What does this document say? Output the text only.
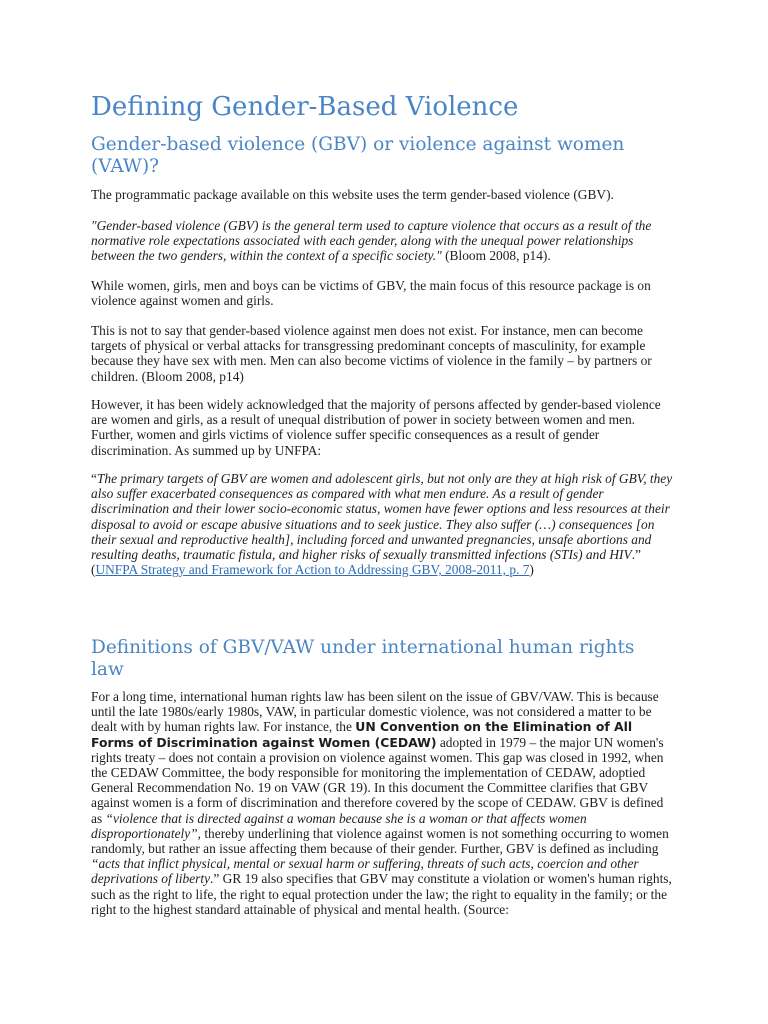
Defining Gender-Based Violence
Gender-based violence (GBV) or violence against women (VAW)?

The programmatic package available on this website uses the term gender-based violence (GBV).

"Gender-based violence (GBV) is the general term used to capture violence that occurs as a result of the normative role expectations associated with each gender, along with the unequal power relationships between the two genders, within the context of a specific society." (Bloom 2008, p14).

While women, girls, men and boys can be victims of GBV, the main focus of this resource package is on violence against women and girls.

This is not to say that gender-based violence against men does not exist. For instance, men can become targets of physical or verbal attacks for transgressing predominant concepts of masculinity, for example because they have sex with men. Men can also become victims of violence in the family – by partners or children. (Bloom 2008, p14)

However, it has been widely acknowledged that the majority of persons affected by gender-based violence are women and girls, as a result of unequal distribution of power in society between women and men. Further, women and girls victims of violence suffer specific consequences as a result of gender discrimination. As summed up by UNFPA:

“The primary targets of GBV are women and adolescent girls, but not only are they at high risk of GBV, they also suffer exacerbated consequences as compared with what men endure. As a result of gender discrimination and their lower socio-economic status, women have fewer options and less resources at their disposal to avoid or escape abusive situations and to seek justice. They also suffer (…) consequences [on their sexual and reproductive health], including forced and unwanted pregnancies, unsafe abortions and resulting deaths, traumatic fistula, and higher risks of sexually transmitted infections (STIs) and HIV.” (UNFPA Strategy and Framework for Action to Addressing GBV, 2008-2011, p. 7)

Definitions of GBV/VAW under international human rights law

For a long time, international human rights law has been silent on the issue of GBV/VAW. This is because until the late 1980s/early 1980s, VAW, in particular domestic violence, was not considered a matter to be dealt with by human rights law. For instance, the UN Convention on the Elimination of All Forms of Discrimination against Women (CEDAW) adopted in 1979 – the major UN women's rights treaty – does not contain a provision on violence against women. This gap was closed in 1992, when the CEDAW Committee, the body responsible for monitoring the implementation of CEDAW, adoptied General Recommendation No. 19 on VAW (GR 19). In this document the Committee clarifies that GBV against women is a form of discrimination and therefore covered by the scope of CEDAW. GBV is defined as “violence that is directed against a woman because she is a woman or that affects women disproportionately”, thereby underlining that violence against women is not something occurring to women randomly, but rather an issue affecting them because of their gender. Further, GBV is defined as including “acts that inflict physical, mental or sexual harm or suffering, threats of such acts, coercion and other deprivations of liberty.” GR 19 also specifies that GBV may constitute a violation or women's human rights, such as the right to life, the right to equal protection under the law; the right to equality in the family; or the right to the highest standard attainable of physical and mental health. (Source:
